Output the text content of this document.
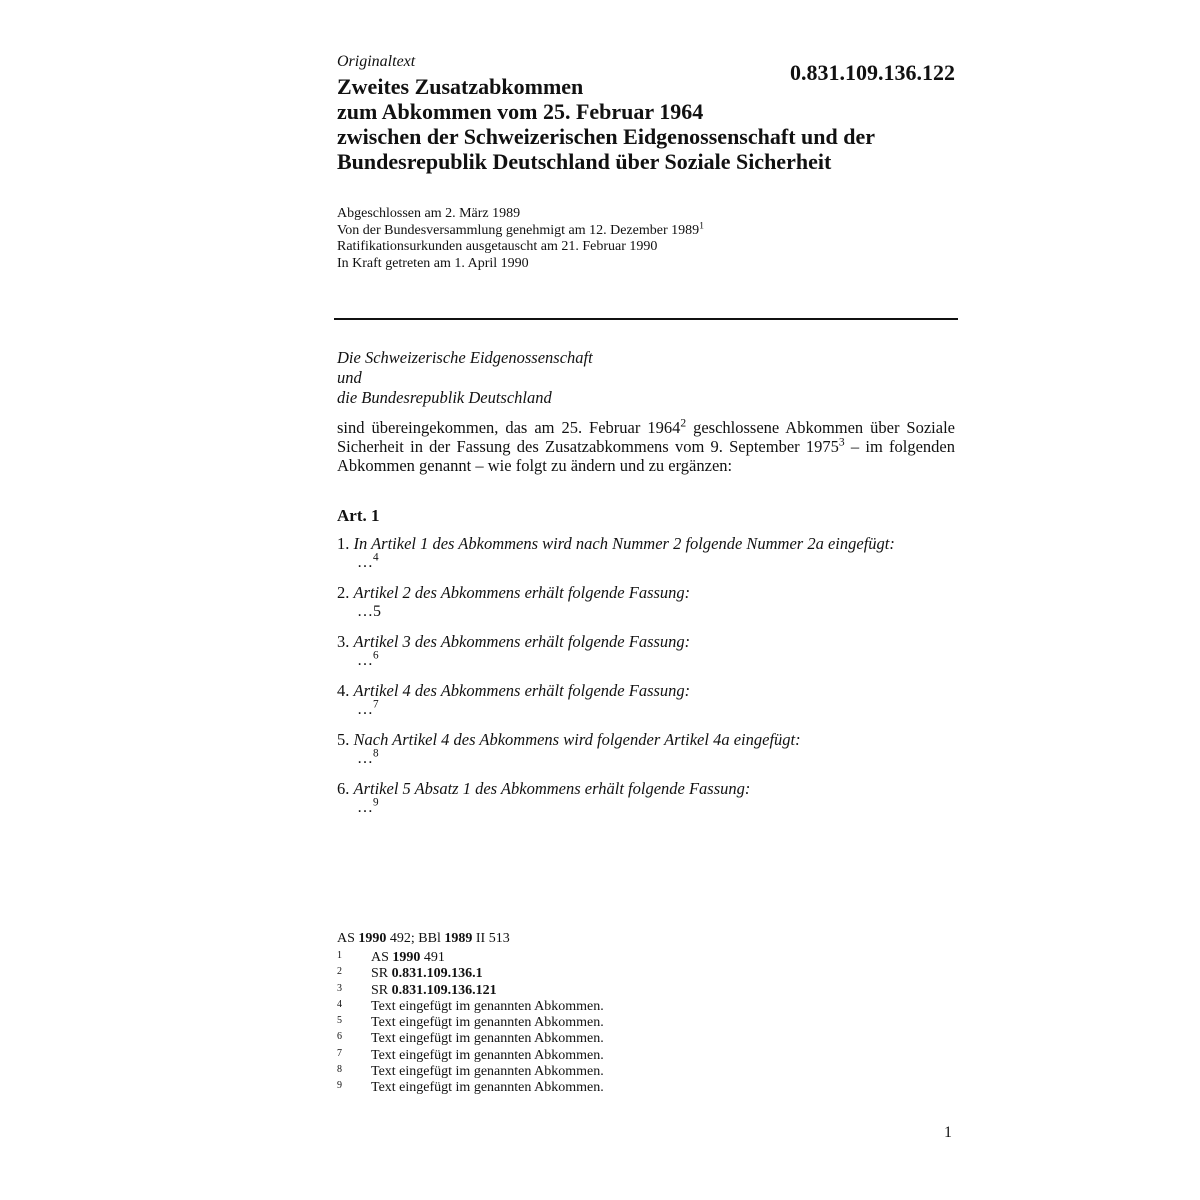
Originaltext	0.831.109.136.122
Zweites Zusatzabkommen
zum Abkommen vom 25. Februar 1964
zwischen der Schweizerischen Eidgenossenschaft und der
Bundesrepublik Deutschland über Soziale Sicherheit
Abgeschlossen am 2. März 1989
Von der Bundesversammlung genehmigt am 12. Dezember 1989$^1$
Ratifikationsurkunden ausgetauscht am 21. Februar 1990
In Kraft getreten am 1. April 1990
Die Schweizerische Eidgenossenschaft
und
die Bundesrepublik Deutschland
sind übereingekommen, das am 25. Februar 1964$^2$ geschlossene Abkommen über Soziale Sicherheit in der Fassung des Zusatzabkommens vom 9. September 1975$^3$ – im folgenden Abkommen genannt – wie folgt zu ändern und zu ergänzen:
Art. 1
1. In Artikel 1 des Abkommens wird nach Nummer 2 folgende Nummer 2a eingefügt:
…$^4$
2. Artikel 2 des Abkommens erhält folgende Fassung:
…5
3. Artikel 3 des Abkommens erhält folgende Fassung:
…$^6$
4. Artikel 4 des Abkommens erhält folgende Fassung:
…$^7$
5. Nach Artikel 4 des Abkommens wird folgender Artikel 4a eingefügt:
…$^8$
6. Artikel 5 Absatz 1 des Abkommens erhält folgende Fassung:
…$^9$
AS 1990 492; BBl 1989 II 513
1 AS 1990 491
2 SR 0.831.109.136.1
3 SR 0.831.109.136.121
4 Text eingefügt im genannten Abkommen.
5 Text eingefügt im genannten Abkommen.
6 Text eingefügt im genannten Abkommen.
7 Text eingefügt im genannten Abkommen.
8 Text eingefügt im genannten Abkommen.
9 Text eingefügt im genannten Abkommen.
1
